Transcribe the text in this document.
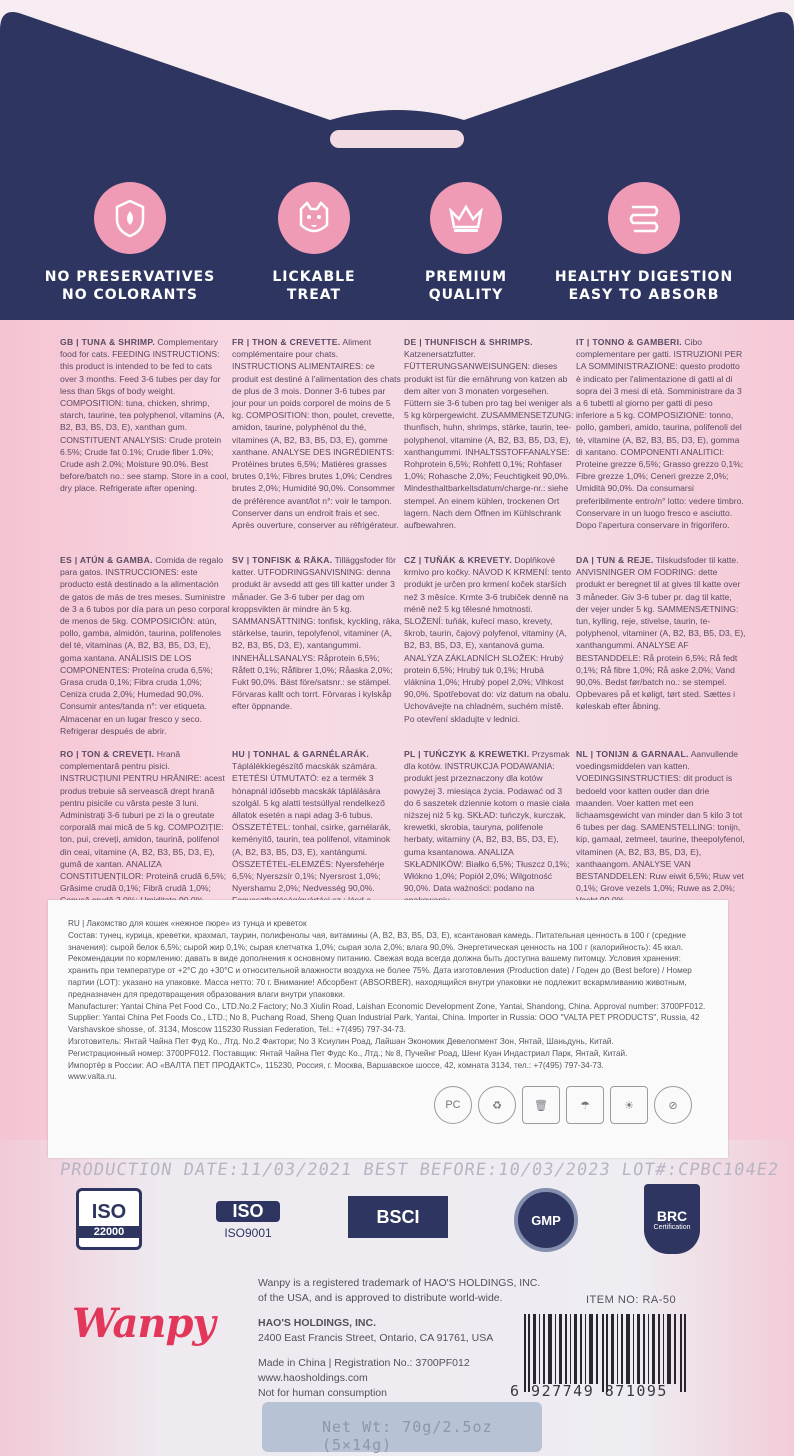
NO PRESERVATIVES
NO COLORANTS
LICKABLE
TREAT
PREMIUM
QUALITY
HEALTHY DIGESTION
EASY TO ABSORB
GB | TUNA & SHRIMP. Complementary food for cats. FEEDING INSTRUCTIONS: this product is intended to be fed to cats over 3 months. Feed 3-6 tubes per day for less than 5kgs of body weight. COMPOSITION: tuna, chicken, shrimp, starch, taurine, tea polyphenol, vitamins (A, B2, B3, B5, D3, E), xanthan gum. CONSTITUENT ANALYSIS: Crude protein 6.5%; Crude fat 0.1%; Crude fiber 1.0%; Crude ash 2.0%; Moisture 90.0%. Best before/batch no.: see stamp. Store in a cool, dry place. Refrigerate after opening.
FR | THON & CREVETTE. Aliment complémentaire pour chats. INSTRUCTIONS ALIMENTAIRES: ce produit est destiné à l'alimentation des chats de plus de 3 mois. Donner 3-6 tubes par jour pour un poids corporel de moins de 5 kg. COMPOSITION: thon, poulet, crevette, amidon, taurine, polyphénol du thé, vitamines (A, B2, B3, B5, D3, E), gomme xanthane. ANALYSE DES INGRÉDIENTS: Protéines brutes 6,5%; Matières grasses brutes 0,1%; Fibres brutes 1,0%; Cendres brutes 2,0%; Humidité 90,0%. Consommer de préférence avant/lot n°: voir le tampon. Conserver dans un endroit frais et sec. Après ouverture, conserver au réfrigérateur.
DE | THUNFISCH & SHRIMPS. Katzenersatzfutter. FÜTTERUNGSANWEISUNGEN: dieses produkt ist für die ernährung von katzen ab dem alter von 3 monaten vorgesehen. Füttern sie 3-6 tuben pro tag bei weniger als 5 kg körpergewicht. ZUSAMMENSETZUNG: thunfisch, huhn, shrimps, stärke, taurin, tee-polyphenol, vitamine (A, B2, B3, B5, D3, E), xanthangummi. INHALTSSTOFFANALYSE: Rohprotein 6,5%; Rohfett 0,1%; Rohfaser 1,0%; Rohasche 2,0%; Feuchtigkeit 90,0%. Mindesthaltbarkeitsdatum/charge-nr.: siehe stempel. An einem kühlen, trockenen Ort lagern. Nach dem Öffnen im Kühlschrank aufbewahren.
IT | TONNO & GAMBERI. Cibo complementare per gatti. ISTRUZIONI PER LA SOMMINISTRAZIONE: questo prodotto è indicato per l'alimentazione di gatti al di sopra dei 3 mesi di età. Somministrare da 3 a 6 tubetti al giorno per gatti di peso inferiore a 5 kg. COMPOSIZIONE: tonno, pollo, gamberi, amido, taurina, polifenoli del tè, vitamine (A, B2, B3, B5, D3, E), gomma di xantano. COMPONENTI ANALITICI: Proteine grezze 6,5%; Grasso grezzo 0,1%; Fibre grezze 1,0%; Ceneri grezze 2,0%; Umidità 90,0%. Da consumarsi preferibilmente entro/n° lotto: vedere timbro. Conservare in un luogo fresco e asciutto. Dopo l'apertura conservare in frigorifero.
ES | ATÚN & GAMBA. Comida de regalo para gatos. INSTRUCCIONES: este producto está destinado a la alimentación de gatos de más de tres meses. Suministre de 3 a 6 tubos por día para un peso corporal de menos de 5kg. COMPOSICIÓN: atún, pollo, gamba, almidón, taurina, polifenoles del té, vitaminas (A, B2, B3, B5, D3, E), goma xantana. ANÁLISIS DE LOS COMPONENTES: Proteína cruda 6,5%; Grasa cruda 0,1%; Fibra cruda 1,0%; Ceniza cruda 2,0%; Humedad 90,0%. Consumir antes/tanda n°: ver etiqueta. Almacenar en un lugar fresco y seco. Refrigerar después de abrir.
SV | TONFISK & RÄKA. Tilläggsfoder för katter. UTFODRINGSANVISNING: denna produkt är avsedd att ges till katter under 3 månader. Ge 3-6 tuber per dag om kroppsvikten är mindre än 5 kg. SAMMANSÄTTNING: tonfisk, kyckling, räka, stärkelse, taurin, tepolyfenol, vitaminer (A, B2, B3, B5, D3, E), xantangummi. INNEHÅLLSANALYS: Råprotein 6,5%; Råfett 0,1%; Råfibrer 1,0%; Råaska 2,0%; Fukt 90,0%. Bäst före/satsnr.: se stämpel. Förvaras kallt och torrt. Förvaras i kylskåp efter öppnande.
CZ | TUŇÁK & KREVETY. Doplňkové krmivo pro kočky. NÁVOD K KRMENÍ: tento produkt je určen pro krmení koček starších než 3 měsíce. Krmte 3-6 trubiček denně na méně než 5 kg tělesné hmotnosti. SLOŽENÍ: tuňák, kuřecí maso, krevety, škrob, taurin, čajový polyfenol, vitaminy (A, B2, B3, B5, D3, E), xantanová guma. ANALÝZA ZÁKLADNÍCH SLOŽEK: Hrubý protein 6,5%; Hrubý tuk 0,1%; Hrubá vláknina 1,0%; Hrubý popel 2,0%; Vlhkost 90,0%. Spotřebovat do: viz datum na obalu. Uchovávejte na chladném, suchém místě. Po otevření skladujte v lednici.
DA | TUN & REJE. Tilskudsfoder til katte. ANVISNINGER OM FODRING: dette produkt er beregnet til at gives til katte over 3 måneder. Giv 3-6 tuber pr. dag til katte, der vejer under 5 kg. SAMMENSÆTNING: tun, kylling, reje, stivelse, taurin, te-polyphenol, vitaminer (A, B2, B3, B5, D3, E), xanthangummi. ANALYSE AF BESTANDDELE: Rå protein 6,5%; Rå fedt 0,1%; Rå fibre 1,0%; Rå aske 2,0%; Vand 90,0%. Bedst før/batch no.: se stempel. Opbevares på et køligt, tørt sted. Sættes i køleskab efter åbning.
RO | TON & CREVEȚI. Hrană complementară pentru pisici. INSTRUCȚIUNI PENTRU HRĂNIRE: acest produs trebuie să servească drept hrană pentru pisicile cu vârsta peste 3 luni. Administrați 3-6 tuburi pe zi la o greutate corporală mai mică de 5 kg. COMPOZIȚIE: ton, pui, creveți, amidon, taurină, polifenol din ceai, vitamine (A, B2, B3, B5, D3, E), gumă de xantan. ANALIZA CONSTITUENȚILOR: Proteină crudă 6,5%; Grăsime crudă 0,1%; Fibră crudă 1,0%;
HU | TONHAL & GARNÉLARÁK. Táplálékkiegészítő macskák számára. ETETÉSI ÚTMUTATÓ: ez a termék 3 hónapnál idősebb macskák táplálására szolgál. 5 kg alatti testsúllyal rendelkező állatok esetén a napi adag 3-6 tubus. ÖSSZETÉTEL: tonhal, csirke, garnélarák, keményítő, taurin, tea polifenol, vitaminok (A, B2, B3, B5, D3, E), xantángumi. ÖSSZETÉTEL-ELEMZÉS: Nyersfehérje 6,5%; Nyerszsír 0,1%; Nyersrost 1,0%; Nyershamu 2,0%; Nedvesség 90,0%.
PL | TUŃCZYK & KREWETKI. Przysmak dla kotów. INSTRUKCJA PODAWANIA: produkt jest przeznaczony dla kotów powyżej 3. miesiąca życia. Podawać od 3 do 6 saszetek dziennie kotom o masie ciała niższej niż 5 kg. SKŁAD: tuńczyk, kurczak, krewetki, skrobia, tauryna, polifenole herbaty, witaminy (A, B2, B3, B5, D3, E), guma ksantanowa. ANALIZA SKŁADNIKÓW: Białko 6,5%; Tłuszcz 0,1%; Włókno 1,0%; Popiół 2,0%; Wilgotność 90,0%. Data ważności: podano na
NL | TONIJN & GARNAAL. Aanvullende voedingsmiddelen van katten. VOEDINGSINSTRUCTIES: dit product is bedoeld voor katten ouder dan drie maanden. Voer katten met een lichaamsgewicht van minder dan 5 kilo 3 tot 6 tubes per dag. SAMENSTELLING: tonijn, kip, garnaal, zetmeel, taurine, theepolyfenol, vitaminen (A, B2, B3, B5, D3, E), xanthaangom. ANALYSE VAN BESTANDDELEN: Ruw eiwit 6,5%; Ruw vet 0,1%; Grove vezels 1,0%; Ruwe as 2,0%;
RU | Лакомство для кошек «нежное пюре» из тунца и креветок
Состав: тунец, курица, креветки, крахмал, таурин, полифенолы чая, витамины (A, B2, B3, B5, D3, E), ксантановая камедь. Питательная ценность в 100 г (средние значения): сырой белок 6,5%; сырой жир 0,1%; сырая клетчатка 1,0%; сырая зола 2,0%; влага 90,0%. Энергетическая ценность на 100 г (калорийность): 45 ккал. Рекомендации по кормлению: давать в виде дополнения к основному питанию. Свежая вода всегда должна быть доступна вашему питомцу. Условия хранения: хранить при температуре от +2°С до +30°С и относительной влажности воздуха не более 75%. Дата изготовления (Production date) / Годен до (Best before) / Номер партии (LOT): указано на упаковке. Масса нетто: 70 г. Внимание! Абсорбент (ABSORBER), находящийся внутри упаковки не подлежит вскармливанию животным, предназначен для предотвращения образования влаги внутри упаковки.
Manufacturer: Yantai China Pet Food Co., LTD.No.2 Factory; No.3 Xiulin Road, Laishan Economic Development Zone, Yantai, Shandong, China. Approval number: 3700PF012. Supplier: Yantai China Pet Foods Co., LTD.; No 8, Puchang Road, Sheng Quan Industrial Park, Yantai, China. Importer in Russia: ООО "VALTA PET PRODUCTS", Russia, 42 Varshavskoe shosse, of. 3134, Moscow 115230 Russian Federation, Tel.: +7(495) 797-34-73.
Изготовитель: Янтай Чайна Пет Фуд Ко., Лтд. No.2 Фактори; No 3 Ксиулин Роад, Лайшан Экономик Девелопмент Зон, Янтай, Шаньдунь, Китай.
Регистрационный номер: 3700PF012. Поставщик: Янтай Чайна Пет Фудс Ко., Лтд.; № 8, Пучейнг Роад, Шенг Куан Индастриал Парк, Янтай, Китай.
Импортёр в России: АО «ВАЛТА ПЕТ ПРОДАКТС», 115230, Россия, г. Москва, Варшавское шоссе, 42, комната 3134, тел.: +7(495) 797-34-73.
www.valta.ru.
РС	♻	🗑	☂	☀	⊘
PRODUCTION DATE:11/03/2021 BEST BEFORE:10/03/2023 LOT#:CPBC104E2
ISO
22000
ISO
ISO9001
BSCI	GMP	BRC
Certification
Wanpy
Wanpy is a registered trademark of HAO'S HOLDINGS, INC. of the USA, and is approved to distribute world-wide.
HAO'S HOLDINGS, INC.
2400 East Francis Street, Ontario, CA 91761, USA
Made in China | Registration No.: 3700PF012
www.haosholdings.com
Not for human consumption
ITEM NO: RA-50
6 927749 871095
Net Wt: 70g/2.5oz (5×14g)
